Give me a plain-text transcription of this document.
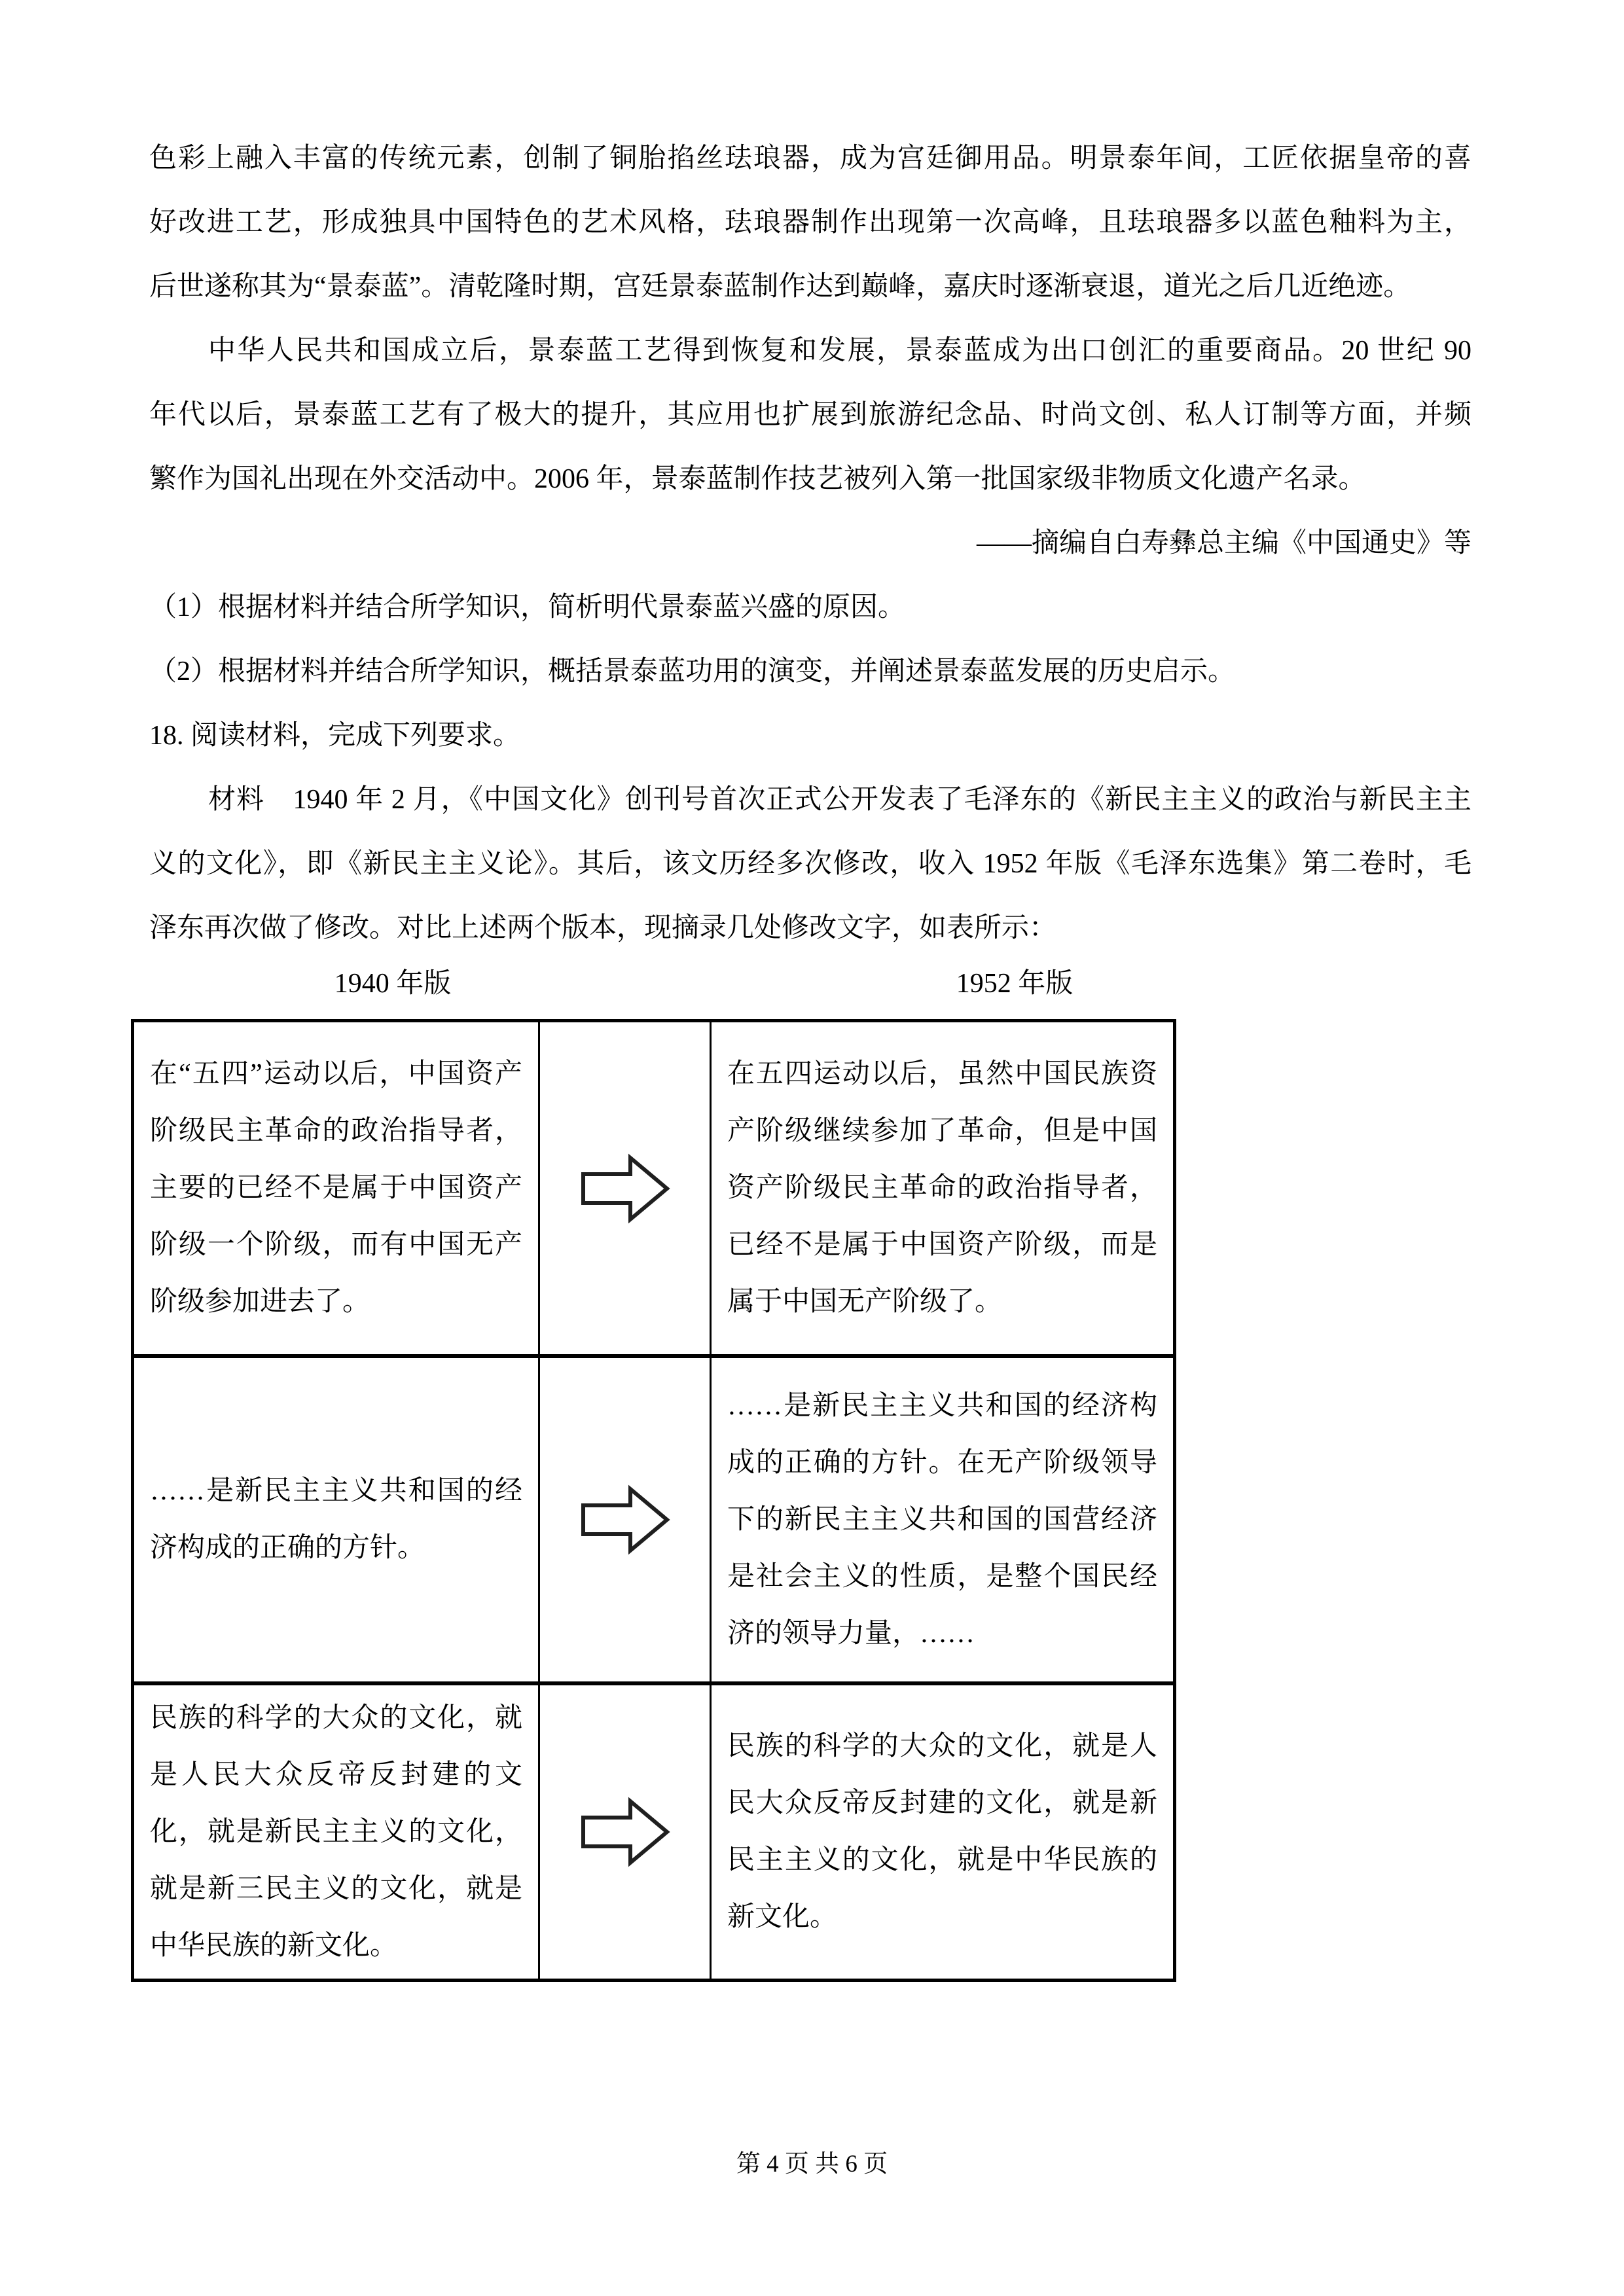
色彩上融入丰富的传统元素，创制了铜胎掐丝珐琅器，成为宫廷御用品。明景泰年间，工匠依据皇帝的喜
好改进工艺，形成独具中国特色的艺术风格，珐琅器制作出现第一次高峰，且珐琅器多以蓝色釉料为主，
后世遂称其为“景泰蓝”。清乾隆时期，宫廷景泰蓝制作达到巅峰，嘉庆时逐渐衰退，道光之后几近绝迹。
中华人民共和国成立后，景泰蓝工艺得到恢复和发展，景泰蓝成为出口创汇的重要商品。20 世纪 90
年代以后，景泰蓝工艺有了极大的提升，其应用也扩展到旅游纪念品、时尚文创、私人订制等方面，并频
繁作为国礼出现在外交活动中。2006 年，景泰蓝制作技艺被列入第一批国家级非物质文化遗产名录。
——摘编自白寿彝总主编《中国通史》等
（1）根据材料并结合所学知识，简析明代景泰蓝兴盛的原因。
（2）根据材料并结合所学知识，概括景泰蓝功用的演变，并阐述景泰蓝发展的历史启示。
18. 阅读材料，完成下列要求。
材料　1940 年 2 月，《中国文化》创刊号首次正式公开发表了毛泽东的《新民主主义的政治与新民主主
义的文化》，即《新民主主义论》。其后，该文历经多次修改，收入 1952 年版《毛泽东选集》第二卷时，毛
泽东再次做了修改。对比上述两个版本，现摘录几处修改文字，如表所示：
1940 年版	1952 年版
在“五四”运动以后，中国资产阶级民主革命的政治指导者，主要的已经不是属于中国资产阶级一个阶级，而有中国无产阶级参加进去了。
在五四运动以后，虽然中国民族资产阶级继续参加了革命，但是中国资产阶级民主革命的政治指导者，已经不是属于中国资产阶级，而是属于中国无产阶级了。
……是新民主主义共和国的经济构成的正确的方针。
……是新民主主义共和国的经济构成的正确的方针。在无产阶级领导下的新民主主义共和国的国营经济是社会主义的性质，是整个国民经济的领导力量，……
民族的科学的大众的文化，就是人民大众反帝反封建的文化，就是新民主主义的文化，就是新三民主义的文化，就是中华民族的新文化。
民族的科学的大众的文化，就是人民大众反帝反封建的文化，就是新民主主义的文化，就是中华民族的新文化。
第 4 页 共 6 页
